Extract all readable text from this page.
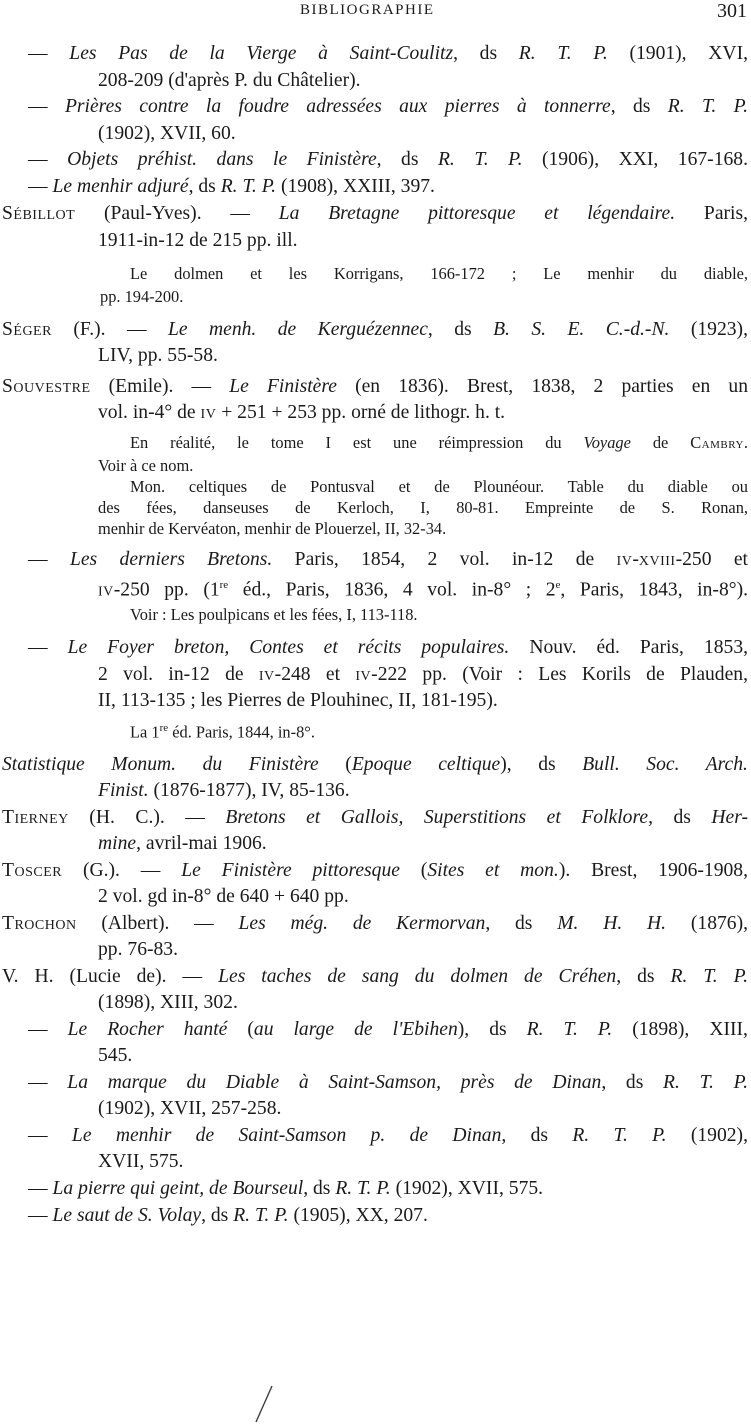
BIBLIOGRAPHIE	301
— Les Pas de la Vierge à Saint-Coulitz, ds R. T. P. (1901), XVI,
208-209 (d'après P. du Châtelier).
— Prières contre la foudre adressées aux pierres à tonnerre, ds R. T. P.
(1902), XVII, 60.
— Objets préhist. dans le Finistère, ds R. T. P. (1906), XXI, 167-168.
— Le menhir adjuré, ds R. T. P. (1908), XXIII, 397.
Sébillot (Paul-Yves). — La Bretagne pittoresque et légendaire. Paris,
1911-in-12 de 215 pp. ill.
Le dolmen et les Korrigans, 166-172 ; Le menhir du diable,
pp. 194-200.
Séger (F.). — Le menh. de Kerguézennec, ds B. S. E. C.-d.-N. (1923),
LIV, pp. 55-58.
Souvestre (Emile). — Le Finistère (en 1836). Brest, 1838, 2 parties en un
vol. in-4° de iv + 251 + 253 pp. orné de lithogr. h. t.
En réalité, le tome I est une réimpression du Voyage de Cambry.
Voir à ce nom.
Mon. celtiques de Pontusval et de Plounéour. Table du diable ou
des fées, danseuses de Kerloch, I, 80-81. Empreinte de S. Ronan,
menhir de Kervéaton, menhir de Plouerzel, II, 32-34.
— Les derniers Bretons. Paris, 1854, 2 vol. in-12 de iv-xviii-250 et
iv-250 pp. (1re éd., Paris, 1836, 4 vol. in-8° ; 2e, Paris, 1843, in-8°).
Voir : Les poulpicans et les fées, I, 113-118.
— Le Foyer breton, Contes et récits populaires. Nouv. éd. Paris, 1853,
2 vol. in-12 de iv-248 et iv-222 pp. (Voir : Les Korils de Plauden,
II, 113-135 ; les Pierres de Plouhinec, II, 181-195).
La 1re éd. Paris, 1844, in-8°.
Statistique Monum. du Finistère (Epoque celtique), ds Bull. Soc. Arch.
Finist. (1876-1877), IV, 85-136.
Tierney (H. C.). — Bretons et Gallois, Superstitions et Folklore, ds Her-
mine, avril-mai 1906.
Toscer (G.). — Le Finistère pittoresque (Sites et mon.). Brest, 1906-1908,
2 vol. gd in-8° de 640 + 640 pp.
Trochon (Albert). — Les még. de Kermorvan, ds M. H. H. (1876),
pp. 76-83.
V. H. (Lucie de). — Les taches de sang du dolmen de Créhen, ds R. T. P.
(1898), XIII, 302.
— Le Rocher hanté (au large de l'Ebihen), ds R. T. P. (1898), XIII,
545.
— La marque du Diable à Saint-Samson, près de Dinan, ds R. T. P.
(1902), XVII, 257-258.
— Le menhir de Saint-Samson p. de Dinan, ds R. T. P. (1902),
XVII, 575.
— La pierre qui geint, de Bourseul, ds R. T. P. (1902), XVII, 575.
— Le saut de S. Volay, ds R. T. P. (1905), XX, 207.
